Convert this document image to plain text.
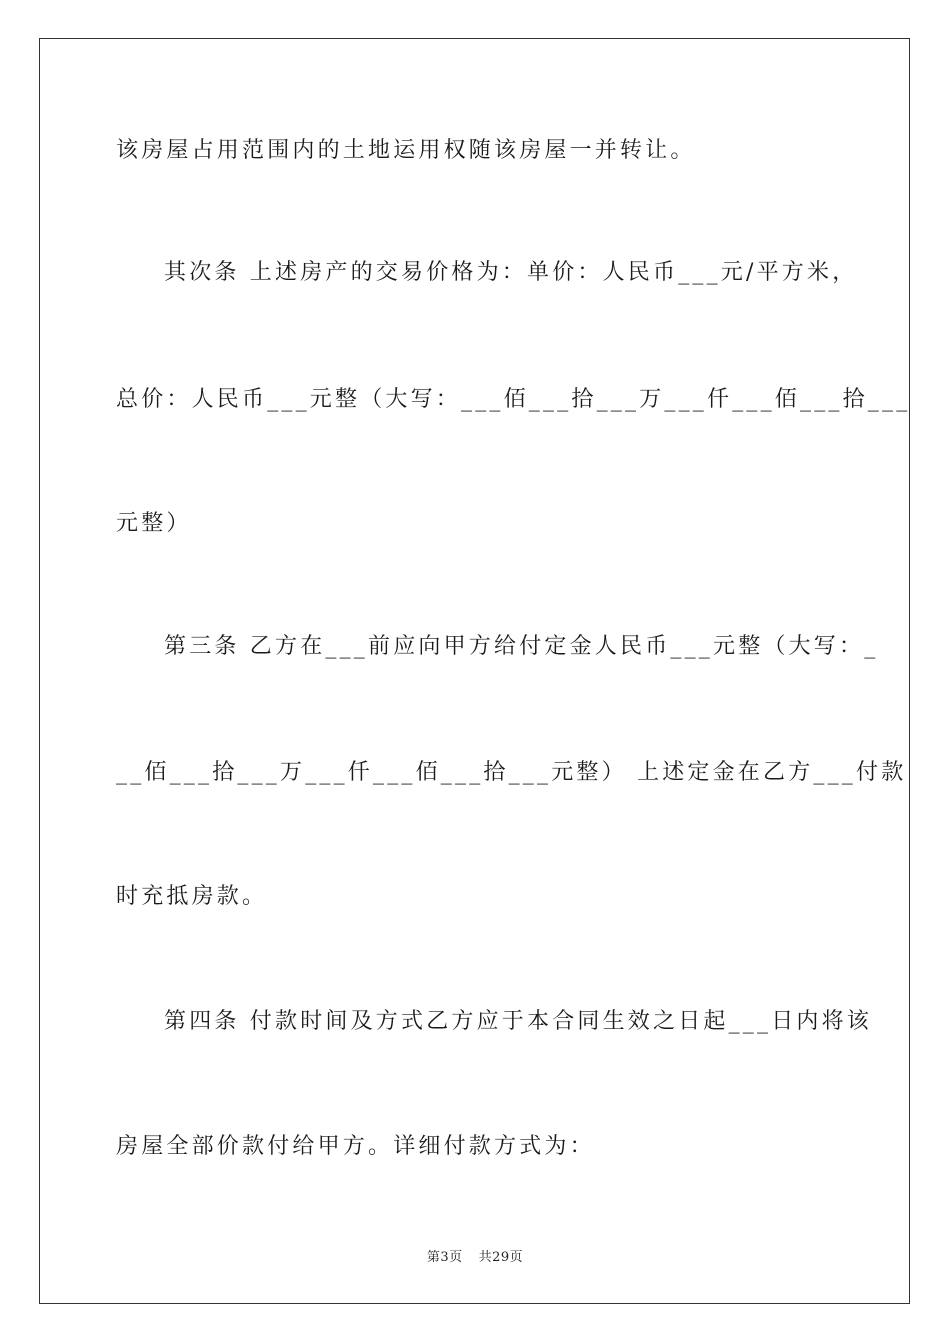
该房屋占用范围内的土地运用权随该房屋一并转让。
其次条 上述房产的交易价格为：单价：人民币___元/平方米，
总价：人民币___元整（大写：___佰___拾___万___仟___佰___拾___
元整）
第三条 乙方在___前应向甲方给付定金人民币___元整（大写：_
__佰___拾___万___仟___佰___拾___元整） 上述定金在乙方___付款
时充抵房款。
第四条 付款时间及方式乙方应于本合同生效之日起___日内将该
房屋全部价款付给甲方。详细付款方式为：
第3页 共29页
